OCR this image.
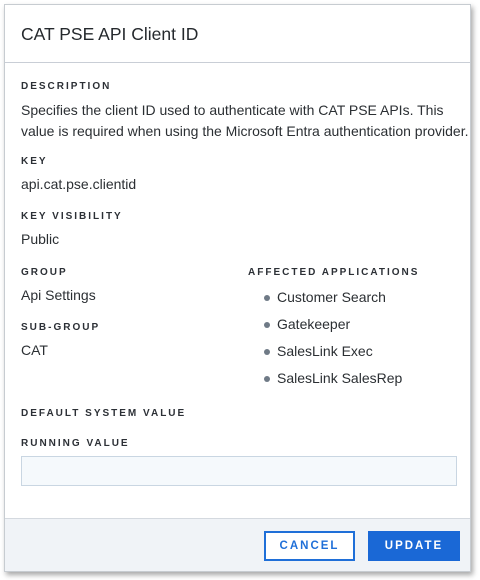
CAT PSE API Client ID
DESCRIPTION
Specifies the client ID used to authenticate with CAT PSE APIs. This value is required when using the Microsoft Entra authentication provider.
KEY
api.cat.pse.clientid
KEY VISIBILITY
Public
GROUP
Api Settings
SUB-GROUP
CAT
AFFECTED APPLICATIONS
Customer Search
Gatekeeper
SalesLink Exec
SalesLink SalesRep
DEFAULT SYSTEM VALUE
RUNNING VALUE
CANCEL	UPDATE
